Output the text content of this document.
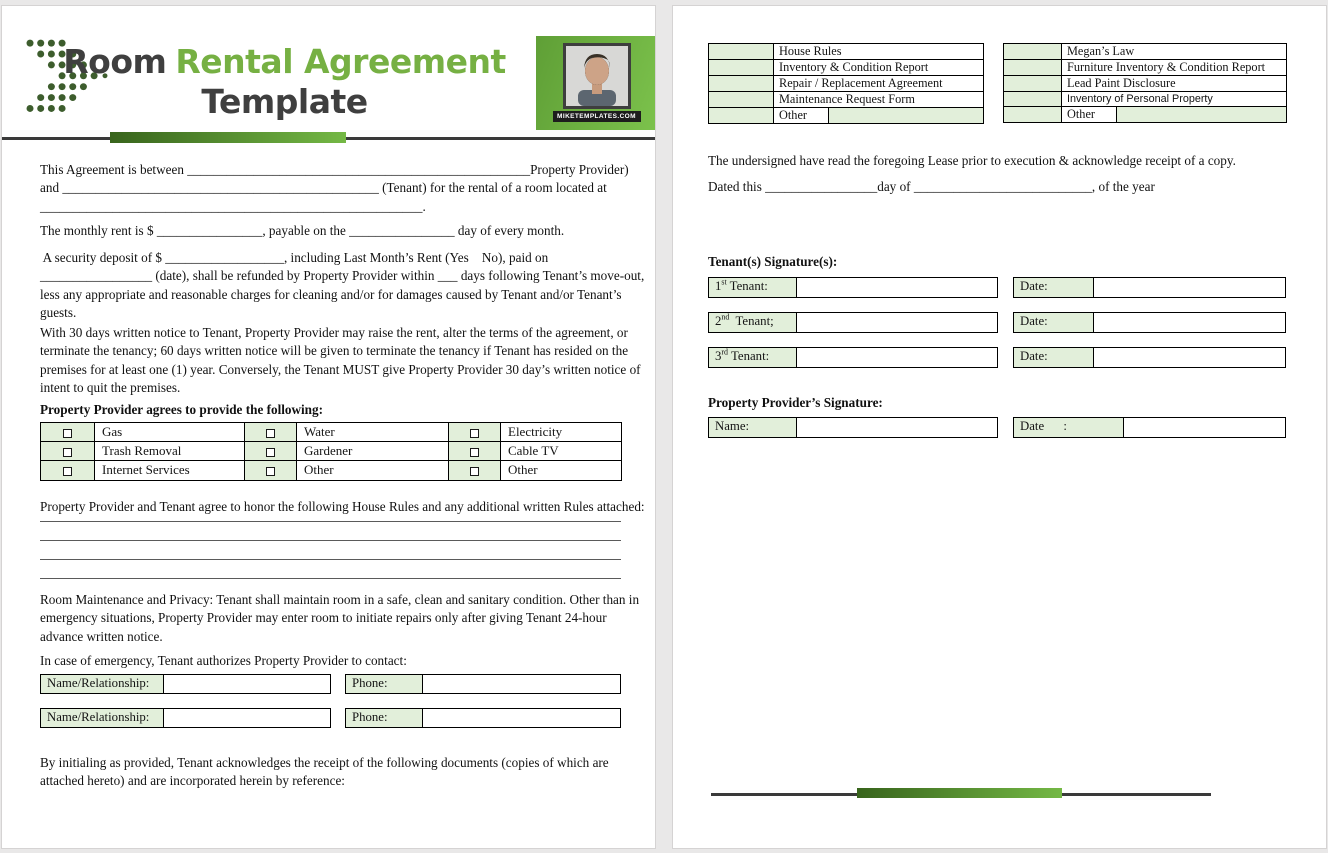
Room Rental Agreement
Template	MIKETEMPLATES.COM
This Agreement is between ____________________________________________________Property Provider)
and ________________________________________________ (Tenant) for the rental of a room located at
__________________________________________________________.
The monthly rent is $ ________________, payable on the ________________ day of every month.
A security deposit of $ __________________, including Last Month’s Rent (Yes    No), paid on
_________________ (date), shall be refunded by Property Provider within ___ days following Tenant’s move-out,
less any appropriate and reasonable charges for cleaning and/or for damages caused by Tenant and/or Tenant’s
guests.
With 30 days written notice to Tenant, Property Provider may raise the rent, alter the terms of the agreement, or
terminate the tenancy; 60 days written notice will be given to terminate the tenancy if Tenant has resided on the
premises for at least one (1) year. Conversely, the Tenant MUST give Property Provider 30 day’s written notice of
intent to quit the premises.
Property Provider agrees to provide the following:
	Gas		Water		Electricity
	Trash Removal		Gardener		Cable TV
	Internet Services		Other		Other
Property Provider and Tenant agree to honor the following House Rules and any additional written Rules attached:
Room Maintenance and Privacy: Tenant shall maintain room in a safe, clean and sanitary condition. Other than in
emergency situations, Property Provider may enter room to initiate repairs only after giving Tenant 24-hour
advance written notice.
In case of emergency, Tenant authorizes Property Provider to contact:
Name/Relationship:	Phone:
Name/Relationship:	Phone:
By initialing as provided, Tenant acknowledges the receipt of the following documents (copies of which are
attached hereto) and are incorporated herein by reference:
	House Rules	
	Inventory & Condition Report	
	Repair / Replacement Agreement	
	Maintenance Request Form	
	Other	
	Megan’s Law	
	Furniture Inventory & Condition Report	
	Lead Paint Disclosure	
	Inventory of Personal Property	
	Other	
The undersigned have read the foregoing Lease prior to execution & acknowledge receipt of a copy.
Dated this _________________day of ___________________________, of the year
Tenant(s) Signature(s):
1st Tenant:	Date:
2nd  Tenant;	Date:
3rd Tenant:	Date:
Property Provider’s Signature:
Name:	Date      :
